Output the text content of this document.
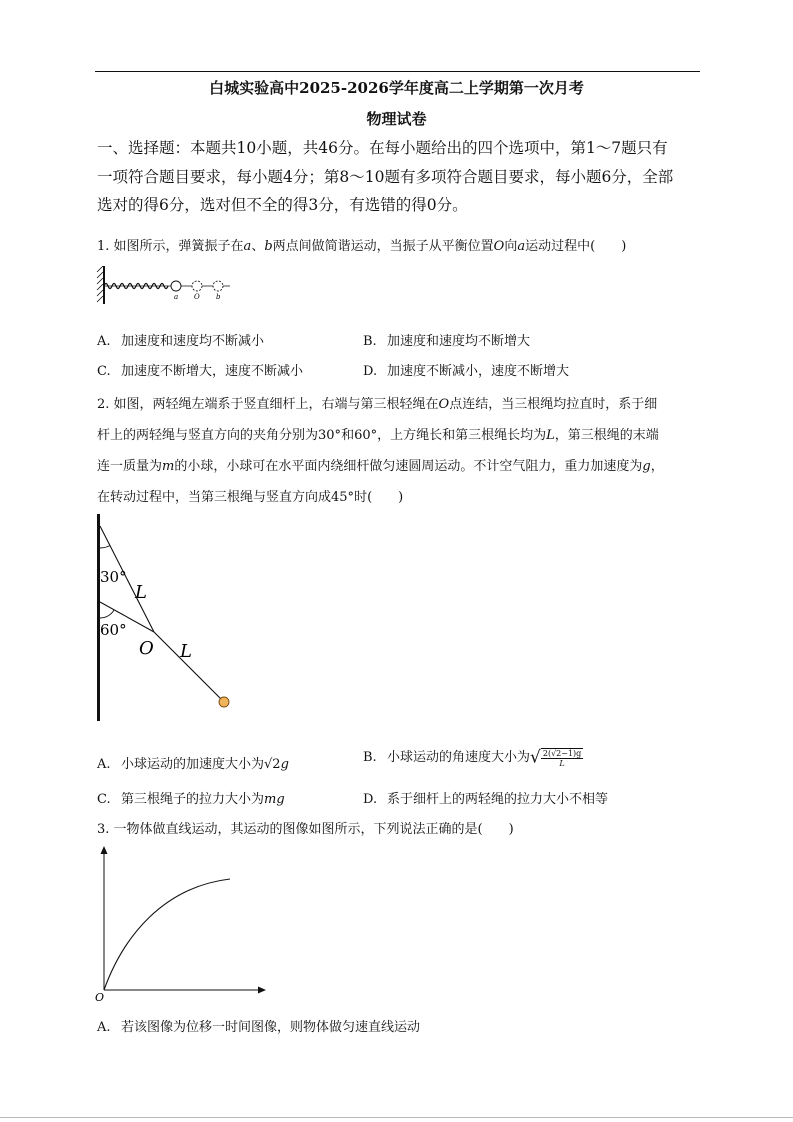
白城实验高中2025-2026学年度高二上学期第一次月考
物理试卷
一、选择题：本题共10小题，共46分。在每小题给出的四个选项中，第1～7题只有
一项符合题目要求，每小题4分；第8～10题有多项符合题目要求，每小题6分，全部
选对的得6分，选对但不全的得3分，有选错的得0分。
1. 如图所示，弹簧振子在a、b两点间做简谐运动，当振子从平衡位置O向a运动过程中(　　)
a O b
A. 加速度和速度均不断减小	B. 加速度和速度均不断增大
C. 加速度不断增大，速度不断减小	D. 加速度不断减小，速度不断增大
2. 如图，两轻绳左端系于竖直细杆上，右端与第三根轻绳在O点连结，当三根绳均拉直时，系于细
杆上的两轻绳与竖直方向的夹角分别为30°和60°，上方绳长和第三根绳长均为L，第三根绳的末端
连一质量为m的小球，小球可在水平面内绕细杆做匀速圆周运动。不计空气阻力，重力加速度为g，
在转动过程中，当第三根绳与竖直方向成45°时(　　)
30°
60°
L
O L
A. 小球运动的加速度大小为√2g	B. 小球运动的角速度大小为√ $\frac{2(√2-1)g}{L}$
C. 第三根绳子的拉力大小为mg	D. 系于细杆上的两轻绳的拉力大小不相等
3. 一物体做直线运动，其运动的图像如图所示，下列说法正确的是(　　)
O
A. 若该图像为位移一时间图像，则物体做匀速直线运动
